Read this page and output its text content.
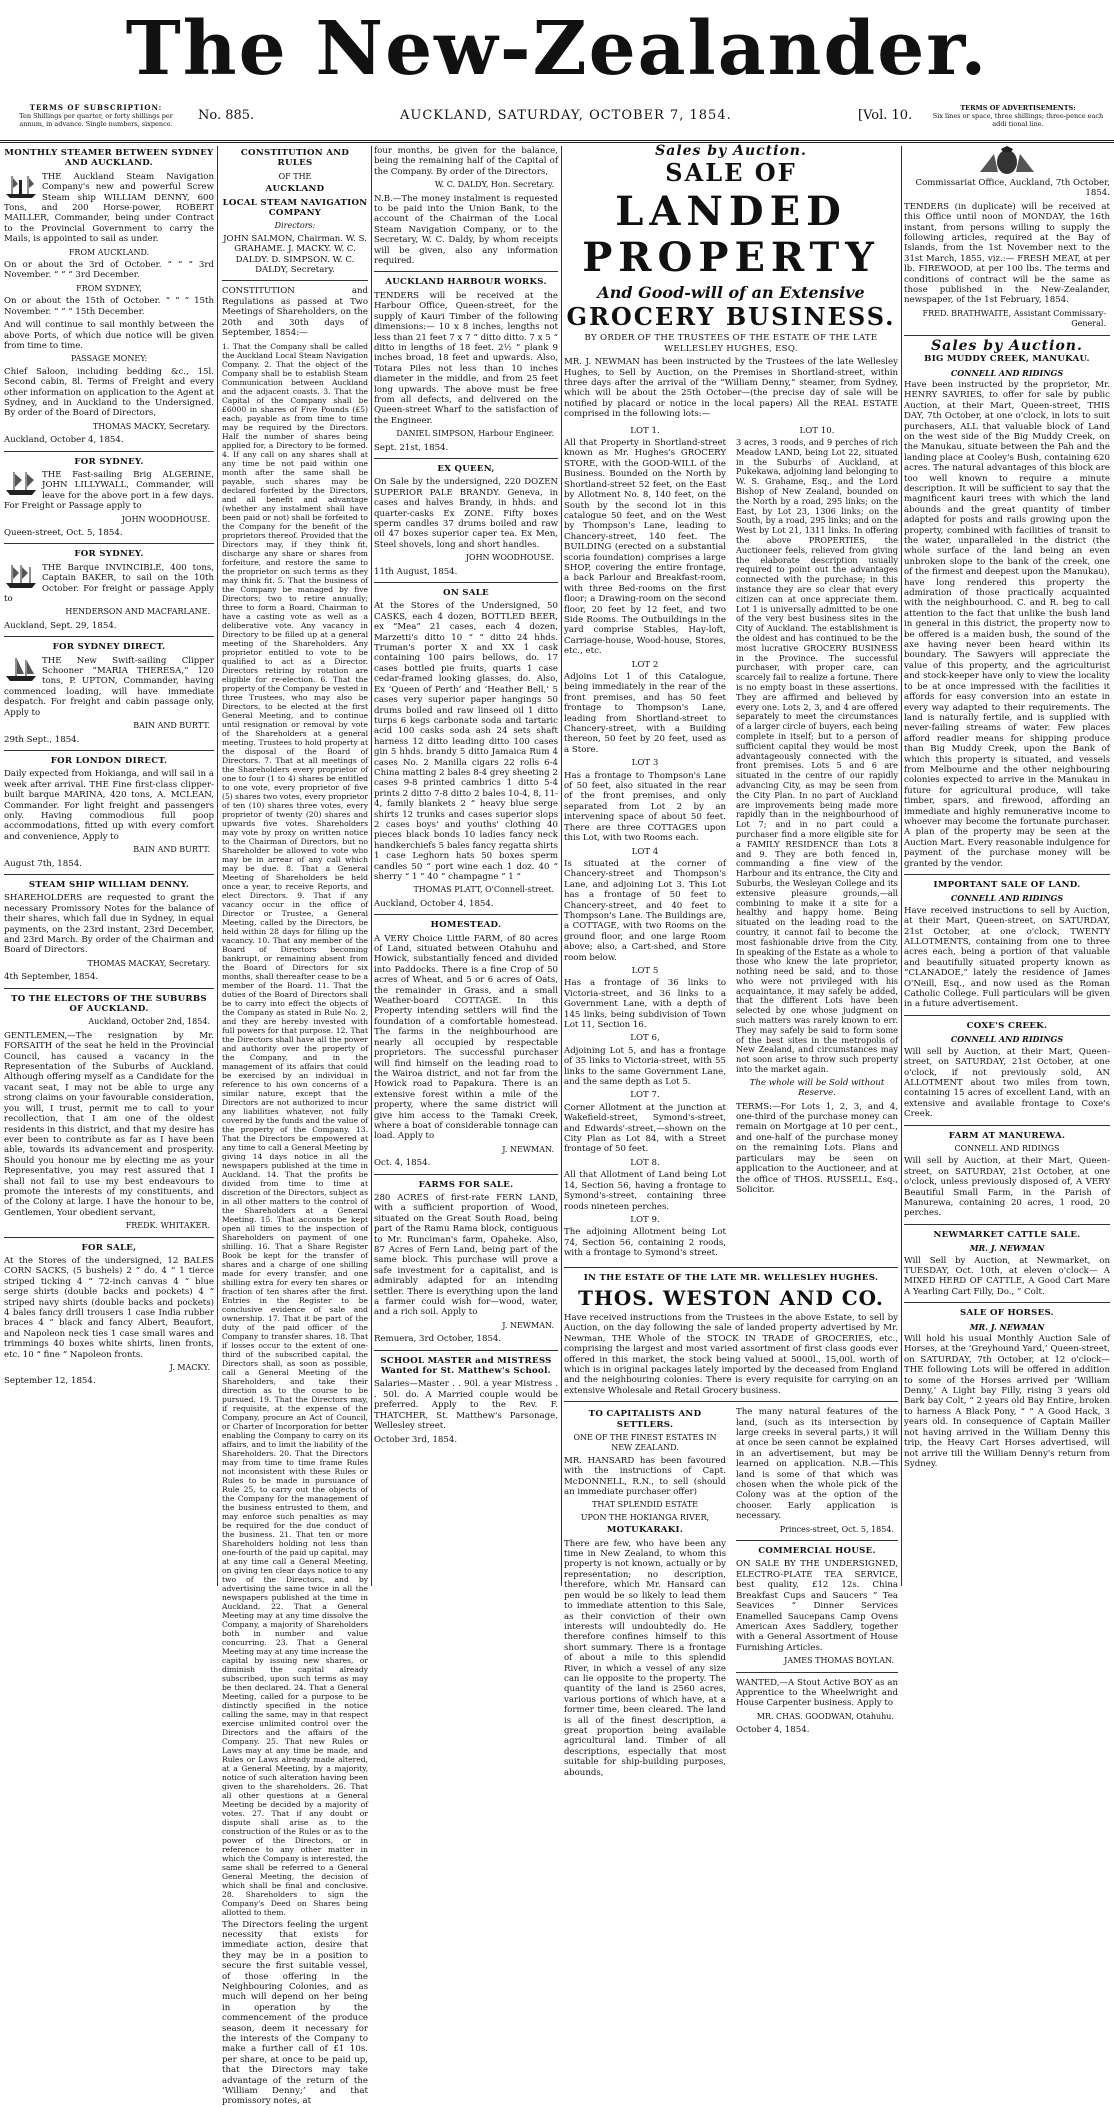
The New-Zealander.
TERMS OF SUBSCRIPTION:
Ten Shillings per quarter, or forty shillings per annum, in advance. Single numbers, sixpence.
No. 885.	AUCKLAND, SATURDAY, OCTOBER 7, 1854.	[Vol. 10.	TERMS OF ADVERTISEMENTS:
Six lines or space, three shillings; three-pence each addi tional line.
MONTHLY STEAMER BETWEEN SYDNEY AND AUCKLAND.

THE Auckland Steam Navigation Company's new and powerful Screw Steam ship WILLIAM DENNY, 600 Tons, and 200 Horse-power, ROBERT MAILLER, Commander, being under Contract to the Provincial Government to carry the Mails, is appointed to sail as under.

FROM AUCKLAND.

On or about the 3rd of October. “ “ “ 3rd November. “ “ “ 3rd December.

FROM SYDNEY,

On or about the 15th of October. “ “ “ 15th November. “ “ “ 15th December.

And will continue to sail monthly between the above Ports, of which due notice will be given from time to time.

PASSAGE MONEY:

Chief Saloon, including bedding &c., 15l. Second cabin, 8l. Terms of Freight and every other information on application to the Agent at Sydney, and in Auckland to the Undersigned. By order of the Board of Directors,

THOMAS MACKY, Secretary.

Auckland, October 4, 1854.

FOR SYDNEY.

THE Fast-sailing Brig ALGERINE, JOHN LILLYWALL, Commander, will leave for the above port in a few days. For Freight or Passage apply to

JOHN WOODHOUSE.

Queen-street, Oct. 5, 1854.

FOR SYDNEY.

THE Barque INVINCIBLE, 400 tons, Captain BAKER, to sail on the 10th October. For freight or passage Apply to

HENDERSON AND MACFARLANE.

Auckland, Sept. 29, 1854.

FOR SYDNEY DIRECT.

THE New Swift-sailing Clipper Schooner “MARIA THERESA,” 120 tons, P. UPTON, Commander, having commenced loading, will have immediate despatch. For freight and cabin passage only, Apply to

BAIN AND BURTT.

29th Sept., 1854.

FOR LONDON DIRECT.

Daily expected from Hokianga, and will sail in a week after arrival. THE Fine first-class clipper-built barque MARINA, 420 tons, A. MCLEAN, Commander. For light freight and passengers only. Having commodious full poop accommodations, fitted up with every comfort and convenience, Apply to

BAIN AND BURTT.

August 7th, 1854.

STEAM SHIP WILLIAM DENNY.

SHAREHOLDERS are requested to grant the necessary Promissory Notes for the balance of their shares, which fall due in Sydney, in equal payments, on the 23rd instant, 23rd December, and 23rd March. By order of the Chairman and Board of Directors.

THOMAS MACKAY, Secretary.

4th September, 1854.

TO THE ELECTORS OF THE SUBURBS OF AUCKLAND.
Auckland, October 2nd, 1854.

GENTLEMEN,—The resignation by Mr. FORSAITH of the seat he held in the Provincial Council, has caused a vacancy in the Representation of the Suburbs of Auckland. Although offering myself as a Candidate for the vacant seat, I may not be able to urge any strong claims on your favourable consideration, you will, I trust, permit me to call to your recollection, that I am one of the oldest residents in this district, and that my desire has ever been to contribute as far as I have been able, towards its advancement and prosperity. Should you honour me by electing me as your Representative, you may rest assured that I shall not fail to use my best endeavours to promote the interests of my constituents, and of the Colony at large. I have the honour to be, Gentlemen, Your obedient servant,

FREDK. WHITAKER.
FOR SALE,

At the Stores of the undersigned, 12 BALES CORN SACKS, (5 bushels) 2 “ do. 4 “ 1 tierce striped ticking 4 “ 72-inch canvas 4 “ blue serge shirts (double backs and pockets) 4 “ striped navy shirts (double backs and pockets) 4 bales fancy drill trousers 1 case India rubber braces 4 “ black and fancy Albert, Beaufort, and Napoleon neck ties 1 case small wares and trimmings 40 boxes white shirts, linen fronts, etc. 10 “ fine “ Napoleon fronts.

J. MACKY.

September 12, 1854.

CONSTITUTION AND RULES
OF THE
AUCKLAND
LOCAL STEAM NAVIGATION COMPANY
Directors:

JOHN SALMON, Chairman. W. S. GRAHAME. J. MACKY. W. C. DALDY. D. SIMPSON. W. C. DALDY, Secretary.

CONSTITUTION and Regulations as passed at Two Meetings of Shareholders, on the 20th and 30th days of September, 1854:—

1. That the Company shall be called the Auckland Local Steam Navigation Company. 2. That the object of the Company shall be to establish Steam Communication between Auckland and the adjacent coasts. 3. That the Capital of the Company shall be £6000 in shares of Five Pounds (£5) each, payable as from time to time may be required by the Directors. Half the number of shares being applied for, a Directory to be formed. 4. If any call on any shares shall at any time be not paid within one month after the same shall be payable, such shares may be declared forfeited by the Directors, and all benefit and advantage (whether any instalment shall have been paid or not) shall be forfeited to the Company for the benefit of the proprietors thereof. Provided that the Directors may, if they think fit, discharge any share or shares from forfeiture, and restore the same to the proprietor on such terms as they may think fit. 5. That the business of the Company be managed by five Directors; two to retire annually; three to form a Board. Chairman to have a casting vote as well as a deliberative vote. Any vacancy in Directory to be filled up at a general meeting of the Shareholders. Any proprietor entitled to vote to be qualified to act as a Director. Directors retiring by rotation are eligible for re-election. 6. That the property of the Company be vested in three Trustees, who may also be Directors, to be elected at the first General Meeting, and to continue until resignation or removal by vote of the Shareholders at a general meeting. Trustees to hold property at the disposal of the Board of Directors. 7. That at all meetings of the Shareholders every proprietor of one to four (1 to 4) shares be entitled to one vote, every proprietor of five (5) shares two votes, every proprietor of ten (10) shares three votes, every proprietor of twenty (20) shares and upwards five votes. Shareholders may vote by proxy on written notice to the Chairman of Directors, but no Shareholder be allowed to vote who may be in arrear of any call which may be due. 8. That a General Meeting of Shareholders be held once a year, to receive Reports, and elect Directors. 9. That if any vacancy occur in the office of Director or Trustee, a General Meeting, called by the Directors, be held within 28 days for filling up the vacancy. 10. That any member of the Board of Directors becoming bankrupt, or remaining absent from the Board of Directors for six months, shall thereafter cease to be a member of the Board. 11. That the duties of the Board of Directors shall be to carry into effect the objects of the Company as stated in Rule No. 2, and they are hereby invested with full powers for that purpose. 12. That the Directors shall have all the power and authority over the property of the Company, and in the management of its affairs that could be exercised by an individual in reference to his own concerns of a similar nature, except that the Directors are not authorized to incur any liabilities whatever, not fully covered by the funds and the value of the property of the Company. 13. That the Directors be empowered at any time to call a General Meeting by giving 14 days notice in all the newspapers published at the time in Auckland. 14. That the profits be divided from time to time at discretion of the Directors, subject as in all other matters to the control of the Shareholders at a General Meeting. 15. That accounts be kept open all times to the inspection of Shareholders on payment of one shilling. 16. That a Share Register Book be kept for the transfer of shares and a charge of one shilling made for every transfer, and one shilling extra for every ten shares or fraction of ten shares after the first. Entries in the Register to be conclusive evidence of sale and ownership. 17. That it be part of the duty of the paid officer of the Company to transfer shares. 18. That if losses occur to the extent of one-third of the subscribed capital, the Directors shall, as soon as possible, call a General Meeting of the Shareholders, and take their direction as to the course to be pursued. 19. That the Directors may, if requisite, at the expense of the Company, procure an Act of Council, or Charter of Incorporation for better enabling the Company to carry on its affairs, and to limit the liability of the Shareholders. 20. That the Directors may from time to time frame Rules not inconsistent with these Rules or Rules to be made in pursuance of Rule 25, to carry out the objects of the Company for the management of the business entrusted to them, and may enforce such penalties as may be required for the due conduct of the business. 21. That ten or more Shareholders holding not less than one-fourth of the paid up capital, may at any time call a General Meeting, on giving ten clear days notice to any two of the Directors, and by advertising the same twice in all the newspapers published at the time in Auckland. 22. That a General Meeting may at any time dissolve the Company, a majority of Shareholders both in number and value concurring. 23. That a General Meeting may at any time increase the capital by issuing new shares, or diminish the capital already subscribed, upon such terms as may be then declared. 24. That a General Meeting, called for a purpose to be distinctly specified in the notice calling the same, may in that respect exercise unlimited control over the Directors and the affairs of the Company. 25. That new Rules or Laws may at any time be made, and Rules or Laws already made altered, at a General Meeting, by a majority, notice of such alteration having been given to the shareholders. 26. That all other questions at a General Meeting be decided by a majority of votes. 27. That if any doubt or dispute shall arise as to the construction of the Rules or as to the power of the Directors, or in reference to any other matter in which the Company is interested, the same shall be referred to a General General Meeting, the decision of which shall be final and conclusive. 28. Shareholders to sign the Company's Deed on Shares being allotted to them.

The Directors feeling the urgent necessity that exists for immediate action, desire that they may be in a position to secure the first suitable vessel, of those offering in the Neighbouring Colonies, and as much will depend on her being in operation by the commencement of the produce season, deem it necessary for the interests of the Company to make a further call of £1 10s. per share, at once to be paid up, that the Directors may take advantage of the return of the ‘William Denny;’ and that promissory notes, at

four months, be given for the balance, being the remaining half of the Capital of the Company. By order of the Directors,

W. C. DALDY, Hon. Secretary.

N.B.—The money instalment is requested to be paid into the Union Bank, to the account of the Chairman of the Local Steam Navigation Company, or to the Secretary, W. C. Daldy, by whom receipts will be given, also any information required.

AUCKLAND HARBOUR WORKS.

TENDERS will be received at the Harbour Office, Queen-street, for the supply of Kauri Timber of the following dimensions:— 10 x 8 inches, lengths not less than 21 feet 7 x 7 “ ditto ditto. 7 x 5 “ ditto in lengths of 18 feet. 2½ “ plank 9 inches broad, 18 feet and upwards. Also, Totara Piles not less than 10 inches diameter in the middle, and from 25 feet long upwards. The above must be free from all defects, and delivered on the Queen-street Wharf to the satisfaction of the Engineer.

DANIEL SIMPSON, Harbour Engineer.

Sept. 21st, 1854.

EX QUEEN,

On Sale by the undersigned, 220 DOZEN SUPERIOR PALE BRANDY. Geneva, in cases and halves Brandy, in hhds. and quarter-casks Ex ZONE. Fifty boxes sperm candles 37 drums boiled and raw oil 47 boxes superior caper tea. Ex Men, Steel shovels, long and short handles.

JOHN WOODHOUSE.

11th August, 1854.

ON SALE

At the Stores of the Undersigned, 50 CASKS, each 4 dozen, BOTTLED BEER, ex “Mea” 21 cases, each 4 dozen, Marzetti's ditto 10 “ “ ditto 24 hhds. Truman's porter X and XX 1 cask containing 100 pairs bellows, do. 17 cases bottled pie fruits, quarts 1 case cedar-framed looking glasses, do. Also, Ex ‘Queen of Perth’ and ‘Heather Bell,’ 5 cases very superior paper hangings 50 drums boiled and raw linseed oil 1 ditto turps 6 kegs carbonate soda and tartaric acid 100 casks soda ash 24 sets shaft harness 12 ditto leading ditto 100 cases gin 5 hhds. brandy 5 ditto Jamaica Rum 4 cases No. 2 Manilla cigars 22 rolls 6-4 China matting 2 bales 8-4 grey sheeting 2 cases 9-8 printed cambrics 1 ditto 5-4 prints 2 ditto 7-8 ditto 2 bales 10-4, 8, 11-4, family blankets 2 “ heavy blue serge shirts 12 trunks and cases superior slops 2 cases boys' and youths' clothing 40 pieces black bonds 10 ladies fancy neck handkerchiefs 5 bales fancy regatta shirts 1 case Leghorn hats 50 boxes sperm candles 50 “ port wine each 1 doz. 40 “ sherry “ 1 “ 40 “ champagne “ 1 “

THOMAS PLATT, O'Connell-street.

Auckland, October 4, 1854.

HOMESTEAD.

A VERY Choice Little FARM, of 80 acres of Land, situated between Otahuhu and Howick, substantially fenced and divided into Paddocks. There is a fine Crop of 50 acres of Wheat, and 5 or 6 acres of Oats, the remainder in Grass, and a small Weather-board COTTAGE. In this Property intending settlers will find the foundation of a comfortable homestead. The farms in the neighbourhood are nearly all occupied by respectable proprietors. The successful purchaser will find himself on the leading road to the Wairoa district, and not far from the Howick road to Papakura. There is an extensive forest within a mile of the property, where the same district will give him access to the Tamaki Creek, where a boat of considerable tonnage can load. Apply to

J. NEWMAN.

Oct. 4, 1854.

FARMS FOR SALE.

280 ACRES of first-rate FERN LAND, with a sufficient proportion of Wood, situated on the Great South Road, being part of the Ramu Rama block, contiguous to Mr. Runciman's farm, Opaheke. Also, 87 Acres of Fern Land, being part of the same block. This purchase will prove a safe investment for a capitalist, and is admirably adapted for an intending settler. There is everything upon the land a farmer could wish for—wood, water, and a rich soil. Apply to

J. NEWMAN.

Remuera, 3rd October, 1854.

SCHOOL MASTER and MISTRESS Wanted for St. Matthew's School.

Salaries—Master . . 90l. a year Mistress . . 50l. do. A Married couple would be preferred. Apply to the Rev. F. THATCHER, St. Matthew's Parsonage, Wellesley street.

October 3rd, 1854.

Sales by Auction.
SALE OF
LANDED PROPERTY
And Good-will of an Extensive
GROCERY BUSINESS.
BY ORDER OF THE TRUSTEES OF THE ESTATE OF THE LATE WELLESLEY HUGHES, ESQ.

MR. J. NEWMAN has been instructed by the Trustees of the late Wellesley Hughes, to Sell by Auction, on the Premises in Shortland-street, within three days after the arrival of the “William Denny,” steamer, from Sydney, which will be about the 25th October—(the precise day of sale will be notified by placard or notice in the local papers) All the REAL ESTATE comprised in the following lots:—

LOT 1.

All that Property in Shortland-street known as Mr. Hughes's GROCERY STORE, with the GOOD-WILL of the Business. Bounded on the North by Shortland-street 52 feet, on the East by Allotment No. 8, 140 feet, on the South by the second lot in this catalogue 50 feet, and on the West by Thompson's Lane, leading to Chancery-street, 140 feet. The BUILDING (erected on a substantial scoria foundation) comprises a large SHOP, covering the entire frontage, a back Parlour and Breakfast-room, with three Bed-rooms on the first floor; a Drawing-room on the second floor, 20 feet by 12 feet, and two Side Rooms. The Outbuildings in the yard comprise Stables, Hay-loft, Carriage-house, Wood-house, Stores, etc., etc.

LOT 2

Adjoins Lot 1 of this Catalogue, being immediately in the rear of the front premises, and has 50 feet frontage to Thompson's Lane, leading from Shortland-street to Chancery-street, with a Building thereon, 50 feet by 20 feet, used as a Store.

LOT 3

Has a frontage to Thompson's Lane of 50 feet, also situated in the rear of the front premises, and only separated from Lot 2 by an intervening space of about 50 feet. There are three COTTAGES upon this Lot, with two Rooms each.

LOT 4

Is situated at the corner of Chancery-street and Thompson's Lane, and adjoining Lot 3. This Lot has a frontage of 50 feet to Chancery-street, and 40 feet to Thompson's Lane. The Buildings are, a COTTAGE, with two Rooms on the ground floor, and one large Room above; also, a Cart-shed, and Store room below.

LOT 5

Has a frontage of 36 links to Victoria-street, and 36 links to a Government Lane, with a depth of 145 links, being subdivision of Town Lot 11, Section 16.

LOT 6,

Adjoining Lot 5, and has a frontage of 35 links to Victoria-street, with 55 links to the same Government Lane, and the same depth as Lot 5.

LOT 7.

Corner Allotment at the junction at Wakefield-street, Symond's-street, and Edwards'-street,—shown on the City Plan as Lot 84, with a Street frontage of 50 feet.

LOT 8.

All that Allotment of Land being Lot 14, Section 56, having a frontage to Symond's-street, containing three roods nineteen perches.

LOT 9.

The adjoining Allotment being Lot 74, Section 56, containing 2 roods, with a frontage to Symond's street.

LOT 10.

3 acres, 3 roods, and 9 perches of rich Meadow LAND, being Lot 22, situated in the Suburbs of Auckland, at Pukekawa, adjoining land belonging to W. S. Grahame, Esq., and the Lord Bishop of New Zealand, bounded on the North by a road, 295 links; on the East, by Lot 23, 1306 links; on the South, by a road, 295 links; and on the West by Lot 21, 1311 links. In offering the above PROPERTIES, the Auctioneer feels, relieved from giving the elaborate description usually required to point out the advantages connected with the purchase; in this instance they are so clear that every citizen can at once appreciate them. Lot 1 is universally admitted to be one of the very best business sites in the City of Auckland. The establishment is the oldest and has continued to be the most lucrative GROCERY BUSINESS in the Province. The successful purchaser, with proper care, can scarcely fail to realize a fortune. There is no empty boast in these assertions. They are affirmed and believed by every one. Lots 2, 3, and 4 are offered separately to meet the circumstances of a larger circle of buyers, each being complete in itself; but to a person of sufficient capital they would be most advantageously connected with the front premises. Lots 5 and 6 are situated in the centre of our rapidly advancing City, as may be seen from the City Plan. In no part of Auckland are improvements being made more rapidly than in the neighbourhood of Lot 7; and in no part could a purchaser find a more eligible site for a FAMILY RESIDENCE than Lots 8 and 9. They are both fenced in, commanding a fine view of the Harbour and its entrance, the City and Suburbs, the Wesleyan College and its extensive pleasure grounds,—all combining to make it a site for a healthy and happy home. Being situated on the leading road to the country, it cannot fail to become the most fashionable drive from the City. In speaking of the Estate as a whole to those who knew the late proprietor, nothing need be said, and to those who were not privileged with his acquaintance, it may safely be added, that the different Lots have been selected by one whose judgment on such matters was rarely known to err. They may safely be said to form some of the best sites in the metropolis of New Zealand, and circumstances may not soon arise to throw such property into the market again.

The whole will be Sold without Reserve.

TERMS:—For Lots 1, 2, 3, and 4, one-third of the purchase money can remain on Mortgage at 10 per cent., and one-half of the purchase money on the remaining Lots. Plans and particulars may be seen on application to the Auctioneer, and at the office of THOS. RUSSELL, Esq., Solicitor.

IN THE ESTATE OF THE LATE MR. WELLESLEY HUGHES.
THOS. WESTON AND CO.

Have received instructions from the Trustees in the above Estate, to sell by Auction, on the day following the sale of landed property advertised by Mr. Newman, THE Whole of the STOCK IN TRADE of GROCERIES, etc., comprising the largest and most varied assortment of first class goods ever offered in this market, the stock being valued at 5000l., 15,00l. worth of which is in original packages lately imported by the deceased from England and the neighbouring colonies. There is every requisite for carrying on an extensive Wholesale and Retail Grocery business.

TO CAPITALISTS AND SETTLERS.
ONE OF THE FINEST ESTATES IN NEW ZEALAND.

MR. HANSARD has been favoured with the instructions of Capt. McDONNELL, R.N., to sell (should an immediate purchaser offer)

THAT SPLENDID ESTATE
UPON THE HOKIANGA RIVER,
MOTUKARAKI.

There are few, who have been any time in New Zealand, to whom this property is not known, actually or by representation; no description, therefore, which Mr. Hansard can pen would be so likely to lead them to immediate attention to this Sale, as their conviction of their own interests will undoubtedly do. He therefore confines himself to this short summary. There is a frontage of about a mile to this splendid River, in which a vessel of any size can lie opposite to the property. The quantity of the land is 2560 acres, various portions of which have, at a former time, been cleared. The land is all of the finest description, a great proportion being available agricultural land. Timber of all descriptions, especially that most suitable for ship-building purposes, abounds,

The many natural features of the land, (such as its intersection by large creeks in several parts,) it will at once be seen cannot be explained in an advertisement, but may be learned on application. N.B.—This land is some of that which was chosen when the whole pick of the Colony was at the option of the chooser. Early application is necessary.

Princes-street, Oct. 5, 1854.
COMMERCIAL HOUSE.

ON SALE BY THE UNDERSIGNED, ELECTRO-PLATE TEA SERVICE, best quality, £12 12s. China Breakfast Cups and Saucers “ Tea Seavices “ Dinner Services Enamelled Saucepans Camp Ovens American Axes Saddlery, together with a General Assortment of House Furnishing Articles.

JAMES THOMAS BOYLAN.

WANTED,—A Stout Active BOY as an Apprentice to the Wheelwright and House Carpenter business. Apply to

MR. CHAS. GOODWAN, Otahuhu.

October 4, 1854.

Commissariat Office, Auckland, 7th October, 1854.

TENDERS (in duplicate) will be received at this Office until noon of MONDAY, the 16th instant, from persons willing to supply the following articles, required at the Bay of Islands, from the 1st November next to the 31st March, 1855, viz.:— FRESH MEAT, at per lb. FIREWOOD, at per 100 lbs. The terms and conditions of contract will be the same as those published in the New-Zealander, newspaper, of the 1st February, 1854.

FRED. BRATHWAITE, Assistant Commissary-General.
Sales by Auction.
BIG MUDDY CREEK, MANUKAU.
CONNELL AND RIDINGS

Have been instructed by the proprietor, Mr. HENRY SAVRIES, to offer for sale by public Auction, at their Mart, Queen-street, THIS DAY, 7th October, at one o'clock, in lots to suit purchasers, ALL that valuable block of Land on the west side of the Big Muddy Creek, on the Manukau, situate between the Pah and the landing place at Cooley's Bush, containing 620 acres. The natural advantages of this block are too well known to require a minute description. It will be sufficient to say that the magnificent kauri trees with which the land abounds and the great quantity of timber adapted for posts and rails growing upon the property, combined with facilities of transit to the water, unparalleled in the district (the whole surface of the land being an even unbroken slope to the bank of the creek, one of the firmest and deepest upon the Manukau), have long rendered this property the admiration of those practically acquainted with the neighbourhood. C. and R. beg to call attention to the fact that unlike the bush land in general in this district, the property now to be offered is a maiden bush, the sound of the axe having never been heard within its boundary. The Sawyers will appreciate the value of this property, and the agriculturist and stock-keeper have only to view the locality to be at once impressed with the facilities it affords for easy conversion into an estate in every way adapted to their requirements. The land is naturally fertile, and is supplied with never-failing streams of water. Few places afford readier means for shipping produce than Big Muddy Creek, upon the Bank of which this property is situated, and vessels from Melbourne and the other neighbouring colonies expected to arrive in the Manukau in future for agricultural produce, will take timber, spars, and firewood, affording an immediate and highly remunerative income to whoever may become the fortunate purchaser. A plan of the property may be seen at the Auction Mart. Every reasonable indulgence for payment of the purchase money will be granted by the vendor.

IMPORTANT SALE OF LAND.
CONNELL AND RIDINGS

Have received instructions to sell by Auction, at their Mart, Queen-street, on SATURDAY, 21st October, at one o'clock, TWENTY ALLOTMENTS, containing from one to three acres each, being a portion of that valuable and beautifully situated property known as “CLANADOE,” lately the residence of James O'Neill, Esq., and now used as the Roman Catholic College. Full particulars will be given in a future advertisement.

COXE'S CREEK.
CONNELL AND RIDINGS

Will sell by Auction, at their Mart, Queen-street, on SATURDAY, 21st October, at one o'clock, if not previously sold, AN ALLOTMENT about two miles from town, containing 15 acres of excellent Land, with an extensive and available frontage to Coxe's Creek.

FARM AT MANUREWA.
CONNELL AND RIDINGS

Will sell by Auction, at their Mart, Queen-street, on SATURDAY, 21st October, at one o'clock, unless previously disposed of, A VERY Beautiful Small Farm, in the Parish of Manurewa, containing 20 acres, 1 rood, 20 perches.

NEWMARKET CATTLE SALE.
MR. J. NEWMAN

Will Sell by Auction, at Newmarket, on TUESDAY, Oct. 10th, at eleven o'clock— A MIXED HERD OF CATTLE, A Good Cart Mare A Yearling Cart Filly, Do., “ Colt.

SALE OF HORSES.
MR. J. NEWMAN

Will hold his usual Monthly Auction Sale of Horses, at the ‘Greyhound Yard,’ Queen-street, on SATURDAY, 7th October, at 12 o'clock— THE following Lots will be offered in addition to some of the Horses arrived per ‘William Denny,’ A Light bay Filly, rising 3 years old Bark bay Colt, “ 2 years old Bay Entire, broken to harness A Black Pony, “ “ A Good Hack, 3 years old. In consequence of Captain Mailler not having arrived in the William Denny this trip, the Heavy Cart Horses advertised, will not arrive till the William Denny's return from Sydney.
